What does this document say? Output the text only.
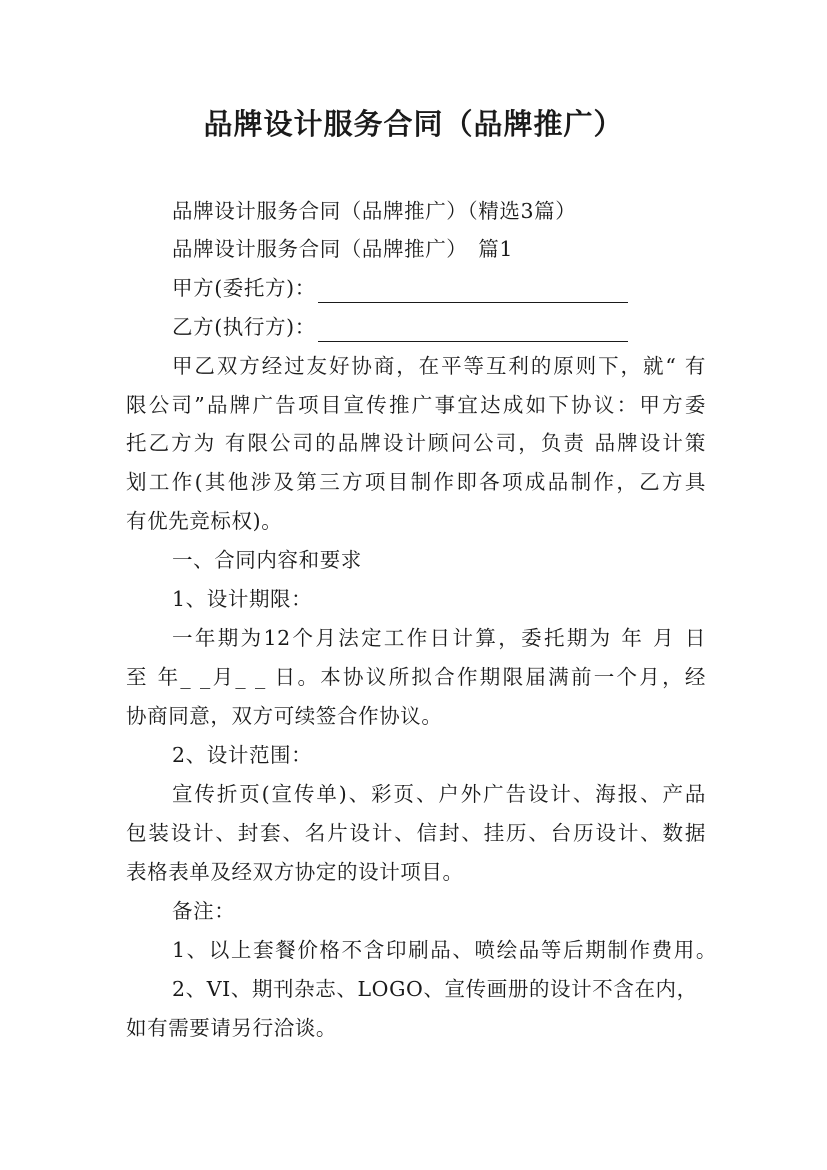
品牌设计服务合同（品牌推广）
品牌设计服务合同（品牌推广）（精选3篇）
品牌设计服务合同（品牌推广）　篇1
甲方(委托方)：
乙方(执行方)：
甲乙双方经过友好协商，在平等互利的原则下，就“ 有
限公司”品牌广告项目宣传推广事宜达成如下协议：甲方委
托乙方为 有限公司的品牌设计顾问公司，负责 品牌设计策
划工作(其他涉及第三方项目制作即各项成品制作，乙方具
有优先竞标权)。
一、合同内容和要求
1、设计期限：
一年期为12个月法定工作日计算，委托期为 年 月 日
至 年_ _月_ _ 日。本协议所拟合作期限届满前一个月，经
协商同意，双方可续签合作协议。
2、设计范围：
宣传折页(宣传单)、彩页、户外广告设计、海报、产品
包装设计、封套、名片设计、信封、挂历、台历设计、数据
表格表单及经双方协定的设计项目。
备注：
1、以上套餐价格不含印刷品、喷绘品等后期制作费用。
2、VI、期刊杂志、LOGO、宣传画册的设计不含在内，
如有需要请另行洽谈。
